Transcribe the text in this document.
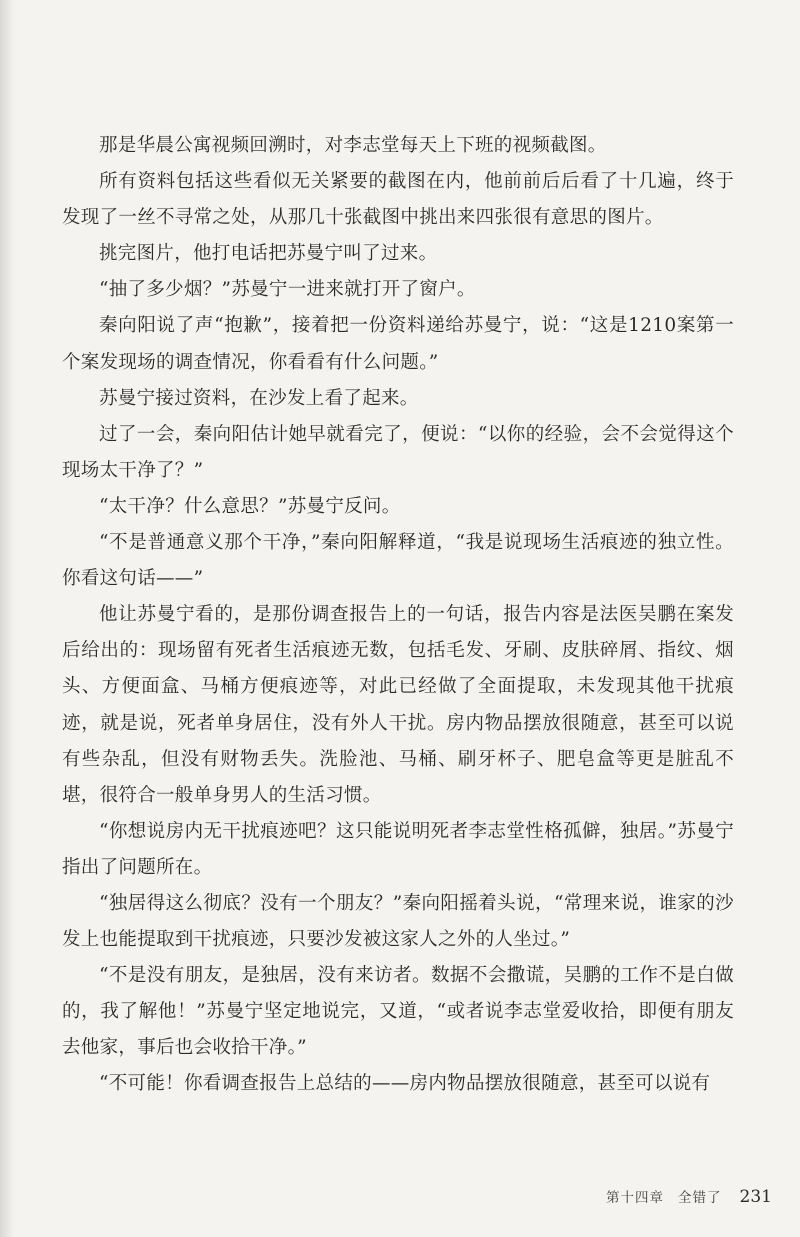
那是华晨公寓视频回溯时，对李志堂每天上下班的视频截图。

所有资料包括这些看似无关紧要的截图在内，他前前后后看了十几遍，终于发现了一丝不寻常之处，从那几十张截图中挑出来四张很有意思的图片。

挑完图片，他打电话把苏曼宁叫了过来。

“抽了多少烟？”苏曼宁一进来就打开了窗户。

秦向阳说了声“抱歉”，接着把一份资料递给苏曼宁，说：“这是1210案第一个案发现场的调查情况，你看看有什么问题。”

苏曼宁接过资料，在沙发上看了起来。

过了一会，秦向阳估计她早就看完了，便说：“以你的经验，会不会觉得这个现场太干净了？”

“太干净？什么意思？”苏曼宁反问。

“不是普通意义那个干净，”秦向阳解释道，“我是说现场生活痕迹的独立性。你看这句话——”

他让苏曼宁看的，是那份调查报告上的一句话，报告内容是法医吴鹏在案发后给出的：现场留有死者生活痕迹无数，包括毛发、牙刷、皮肤碎屑、指纹、烟头、方便面盒、马桶方便痕迹等，对此已经做了全面提取，未发现其他干扰痕迹，就是说，死者单身居住，没有外人干扰。房内物品摆放很随意，甚至可以说有些杂乱，但没有财物丢失。洗脸池、马桶、刷牙杯子、肥皂盒等更是脏乱不堪，很符合一般单身男人的生活习惯。

“你想说房内无干扰痕迹吧？这只能说明死者李志堂性格孤僻，独居。”苏曼宁指出了问题所在。

“独居得这么彻底？没有一个朋友？”秦向阳摇着头说，“常理来说，谁家的沙发上也能提取到干扰痕迹，只要沙发被这家人之外的人坐过。”

“不是没有朋友，是独居，没有来访者。数据不会撒谎，吴鹏的工作不是白做的，我了解他！”苏曼宁坚定地说完，又道，“或者说李志堂爱收拾，即便有朋友去他家，事后也会收拾干净。”

“不可能！你看调查报告上总结的——房内物品摆放很随意，甚至可以说有

第十四章 全错了 231
